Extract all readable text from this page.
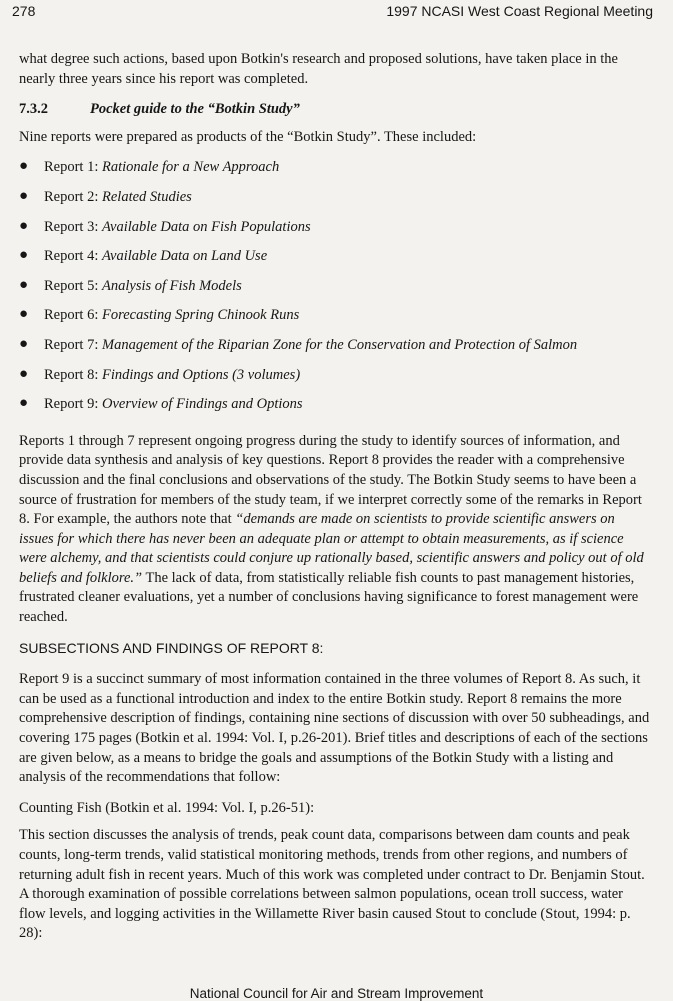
278	1997 NCASI West Coast Regional Meeting

what degree such actions, based upon Botkin's research and proposed solutions, have taken place in the nearly three years since his report was completed.

7.3.2	Pocket guide to the “Botkin Study”

Nine reports were prepared as products of the “Botkin Study”. These included:

● Report 1: Rationale for a New Approach
● Report 2: Related Studies
● Report 3: Available Data on Fish Populations
● Report 4: Available Data on Land Use
● Report 5: Analysis of Fish Models
● Report 6: Forecasting Spring Chinook Runs
● Report 7: Management of the Riparian Zone for the Conservation and Protection of Salmon
● Report 8: Findings and Options (3 volumes)
● Report 9: Overview of Findings and Options

Reports 1 through 7 represent ongoing progress during the study to identify sources of information, and provide data synthesis and analysis of key questions. Report 8 provides the reader with a comprehensive discussion and the final conclusions and observations of the study. The Botkin Study seems to have been a source of frustration for members of the study team, if we interpret correctly some of the remarks in Report 8. For example, the authors note that “demands are made on scientists to provide scientific answers on issues for which there has never been an adequate plan or attempt to obtain measurements, as if science were alchemy, and that scientists could conjure up rationally based, scientific answers and policy out of old beliefs and folklore.” The lack of data, from statistically reliable fish counts to past management histories, frustrated cleaner evaluations, yet a number of conclusions having significance to forest management were reached.

SUBSECTIONS AND FINDINGS OF REPORT 8:

Report 9 is a succinct summary of most information contained in the three volumes of Report 8. As such, it can be used as a functional introduction and index to the entire Botkin study. Report 8 remains the more comprehensive description of findings, containing nine sections of discussion with over 50 subheadings, and covering 175 pages (Botkin et al. 1994: Vol. I, p.26-201). Brief titles and descriptions of each of the sections are given below, as a means to bridge the goals and assumptions of the Botkin Study with a listing and analysis of the recommendations that follow:

Counting Fish (Botkin et al. 1994: Vol. I, p.26-51):

This section discusses the analysis of trends, peak count data, comparisons between dam counts and peak counts, long-term trends, valid statistical monitoring methods, trends from other regions, and numbers of returning adult fish in recent years. Much of this work was completed under contract to Dr. Benjamin Stout. A thorough examination of possible correlations between salmon populations, ocean troll success, water flow levels, and logging activities in the Willamette River basin caused Stout to conclude (Stout, 1994: p. 28):

National Council for Air and Stream Improvement
